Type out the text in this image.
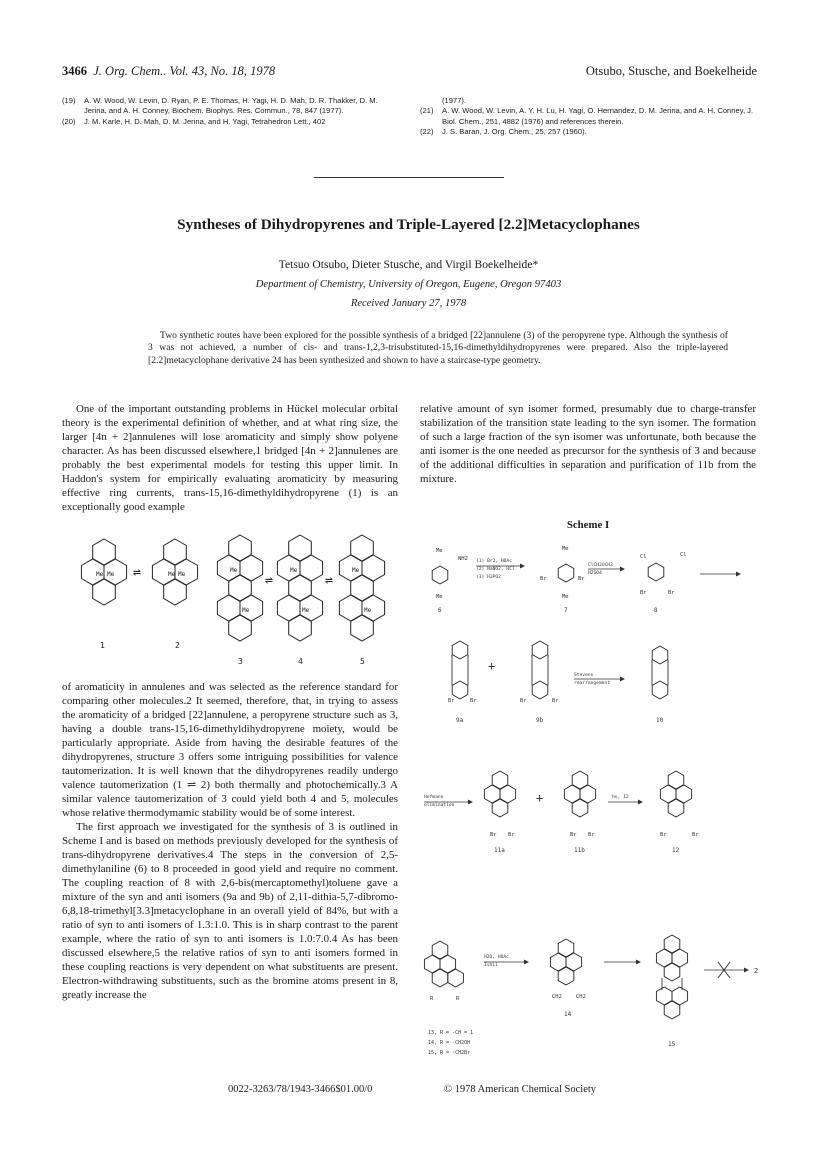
3466 J. Org. Chem.. Vol. 43, No. 18, 1978	Otsubo, Stusche, and Boekelheide
(19)	A. W. Wood, W. Levin, D. Ryan, P. E. Thomas, H. Yagi, H. D. Mah, D. R. Thakker, D. M. Jerina, and A. H. Conney, Biochem. Biophys. Res. Commun., 78, 847 (1977).
(20)	J. M. Karle, H. D. Mah, D. M. Jerina, and H. Yagi, Tetrahedron Lett., 402
(1977).
(21)	A. W. Wood, W. Levin, A. Y. H. Lu, H. Yagi, O. Hernandez, D. M. Jerina, and A. H. Conney, J. Biol. Chem., 251, 4882 (1976) and references therein.
(22)	J. S. Baran, J. Org. Chem., 25, 257 (1960).
Syntheses of Dihydropyrenes and Triple-Layered [2.2]Metacyclophanes
Tetsuo Otsubo, Dieter Stusche, and Virgil Boekelheide*
Department of Chemistry, University of Oregon, Eugene, Oregon 97403
Received January 27, 1978
Two synthetic routes have been explored for the possible synthesis of a bridged [22]annulene (3) of the peropyrene type. Although the synthesis of 3 was not achieved, a number of cis- and trans-1,2,3-trisubstituted-15,16-dimethyldihydropyrenes were prepared. Also the triple-layered [2.2]metacyclophane derivative 24 has been synthesized and shown to have a staircase-type geometry.

One of the important outstanding problems in Hückel molecular orbital theory is the experimental definition of whether, and at what ring size, the larger [4n + 2]annulenes will lose aromaticity and simply show polyene character. As has been discussed elsewhere,1 bridged [4n + 2]annulenes are probably the best experimental models for testing this upper limit. In Haddon's system for empirically evaluating aromaticity by measuring effective ring currents, trans-15,16-dimethyldihydropyrene (1) is an exceptionally good example

of aromaticity in annulenes and was selected as the reference standard for comparing other molecules.2 It seemed, therefore, that, in trying to assess the aromaticity of a bridged [22]annulene, a peropyrene structure such as 3, having a double trans-15,16-dimethyldihydropyrene moiety, would be particularly appropriate. Aside from having the desirable features of the dihydropyrenes, structure 3 offers some intriguing possibilities for valence tautomerization. It is well known that the dihydropyrenes readily undergo valence tautomerization (1 ⇌ 2) both thermally and photochemically.3 A similar valence tautomerization of 3 could yield both 4 and 5, molecules whose relative thermodymamic stability would be of some interest.

The first approach we investigated for the synthesis of 3 is outlined in Scheme I and is based on methods previously developed for the synthesis of trans-dihydropyrene derivatives.4 The steps in the conversion of 2,5-dimethylaniline (6) to 8 proceeded in good yield and require no comment. The coupling reaction of 8 with 2,6-bis(mercaptomethyl)toluene gave a mixture of the syn and anti isomers (9a and 9b) of 2,11-dithia-5,7-dibromo-6,8,18-trimethyl[3.3]metacyclophane in an overall yield of 84%, but with a ratio of syn to anti isomers of 1.3:1.0. This is in sharp contrast to the parent example, where the ratio of syn to anti isomers is 1.0:7.0.4 As has been discussed elsewhere,5 the relative ratios of syn to anti isomers formed in these coupling reactions is very dependent on what substituents are present. Electron-withdrawing substituents, such as the bromine atoms present in 8, greatly increase the

relative amount of syn isomer formed, presumably due to charge-transfer stabilization of the transition state leading to the syn isomer. The formation of such a large fraction of the syn isomer was unfortunate, both because the anti isomer is the one needed as precursor for the synthesis of 3 and because of the additional difficulties in separation and purification of 11b from the mixture.

Scheme I
Me Me
1
⇌	Me Me
2
Me
Me
3
⇌
Me
Me
4
⇌
Me
Me
5
Me
NH2
Me
6
(1) Br2, HOAc
(2) NaNO2, HCl
(3) H3PO2
Me
Br	Br
Me
7
ClCH2OCH3
H2SO4
Cl	Cl
Br	Br
8
Br	Br
9a
+
Br	Br
9b
Stevens
rearrangement
10
Hofmann
elimination
Br Br
11a
+
Br Br
11b
hν, I2
Br	Br
12
R	R
H2O, HOAc
Ishii
CH2	CH2
14
15
2
13, R = -CH = 1
14, R = -CH2OH
15, R = -CH2Br
0022-3263/78/1943-3466$01.00/0	© 1978 American Chemical Society
